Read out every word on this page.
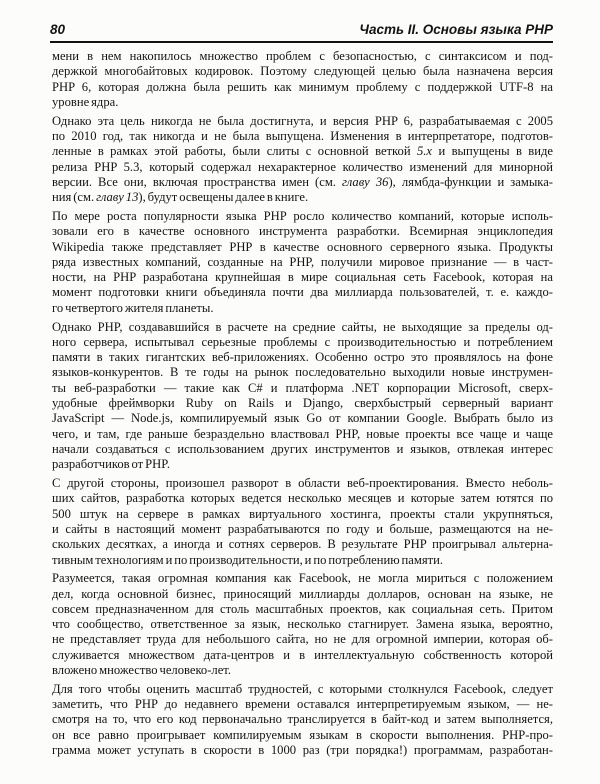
80	Часть II. Основы языка PHP
мени в нем накопилось множество проблем с безопасностью, с синтаксисом и под-
держкой многобайтовых кодировок. Поэтому следующей целью была назначена версия
PHP 6, которая должна была решить как минимум проблему с поддержкой UTF-8 на
уровне ядра.
Однако эта цель никогда не была достигнута, и версия PHP 6, разрабатываемая с 2005
по 2010 год, так никогда и не была выпущена. Изменения в интерпретаторе, подготов-
ленные в рамках этой работы, были слиты с основной веткой 5.x и выпущены в виде
релиза PHP 5.3, который содержал нехарактерное количество изменений для минорной
версии. Все они, включая пространства имен (см. главу 36), лямбда-функции и замыка-
ния (см. главу 13), будут освещены далее в книге.
По мере роста популярности языка PHP росло количество компаний, которые исполь-
зовали его в качестве основного инструмента разработки. Всемирная энциклопедия
Wikipedia также представляет PHP в качестве основного серверного языка. Продукты
ряда известных компаний, созданные на PHP, получили мировое признание — в част-
ности, на PHP разработана крупнейшая в мире социальная сеть Facebook, которая на
момент подготовки книги объединяла почти два миллиарда пользователей, т. е. каждо-
го четвертого жителя планеты.
Однако PHP, создававшийся в расчете на средние сайты, не выходящие за пределы од-
ного сервера, испытывал серьезные проблемы с производительностью и потреблением
памяти в таких гигантских веб-приложениях. Особенно остро это проявлялось на фоне
языков-конкурентов. В те годы на рынок последовательно выходили новые инструмен-
ты веб-разработки — такие как C# и платформа .NET корпорации Microsoft, сверх-
удобные фреймворки Ruby on Rails и Django, сверхбыстрый серверный вариант
JavaScript — Node.js, компилируемый язык Go от компании Google. Выбрать было из
чего, и там, где раньше безраздельно властвовал PHP, новые проекты все чаще и чаще
начали создаваться с использованием других инструментов и языков, отвлекая интерес
разработчиков от PHP.
С другой стороны, произошел разворот в области веб-проектирования. Вместо неболь-
ших сайтов, разработка которых ведется несколько месяцев и которые затем ютятся по
500 штук на сервере в рамках виртуального хостинга, проекты стали укрупняться,
и сайты в настоящий момент разрабатываются по году и больше, размещаются на не-
скольких десятках, а иногда и сотнях серверов. В результате PHP проигрывал альтерна-
тивным технологиям и по производительности, и по потреблению памяти.
Разумеется, такая огромная компания как Facebook, не могла мириться с положением
дел, когда основной бизнес, приносящий миллиарды долларов, основан на языке, не
совсем предназначенном для столь масштабных проектов, как социальная сеть. Притом
что сообщество, ответственное за язык, несколько стагнирует. Замена языка, вероятно,
не представляет труда для небольшого сайта, но не для огромной империи, которая об-
служивается множеством дата-центров и в интеллектуальную собственность которой
вложено множество человеко-лет.
Для того чтобы оценить масштаб трудностей, с которыми столкнулся Facebook, следует
заметить, что PHP до недавнего времени оставался интерпретируемым языком, — не-
смотря на то, что его код первоначально транслируется в байт-код и затем выполняется,
он все равно проигрывает компилируемым языкам в скорости выполнения. PHP-про-
грамма может уступать в скорости в 1000 раз (три порядка!) программам, разработан-
